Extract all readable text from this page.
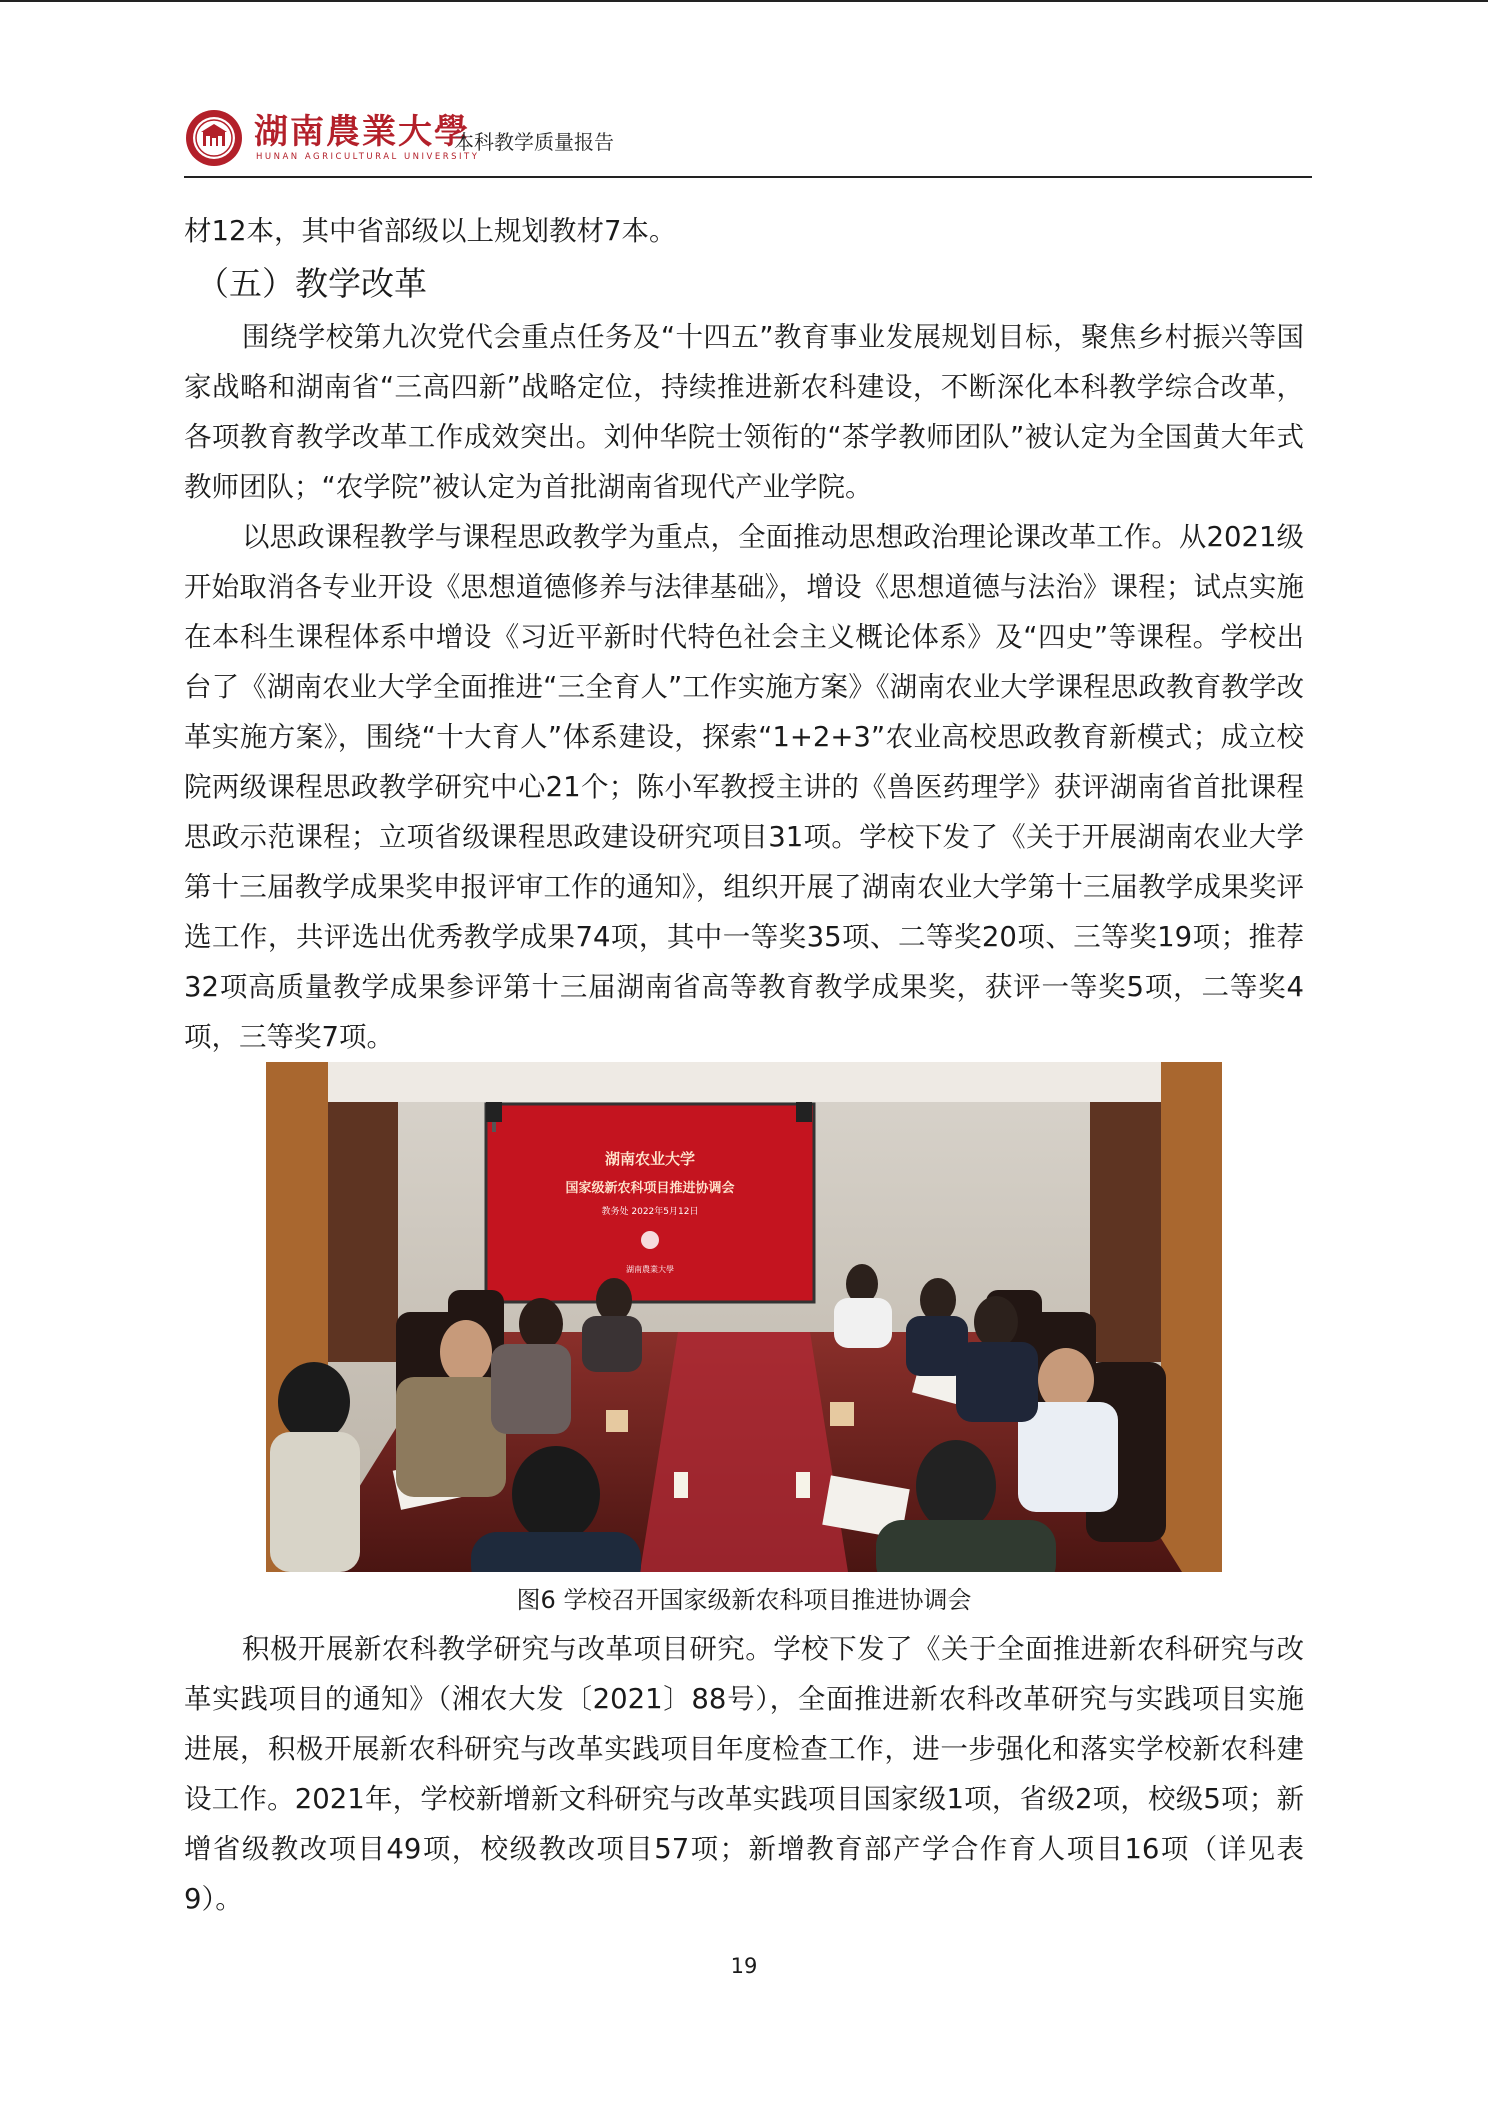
湖南農業大學
HUNAN AGRICULTURAL UNIVERSITY
本科教学质量报告

材12本，其中省部级以上规划教材7本。

（五）教学改革

围绕学校第九次党代会重点任务及“十四五”教育事业发展规划目标，聚焦乡村振兴等国家战略和湖南省“三高四新”战略定位，持续推进新农科建设，不断深化本科教学综合改革，各项教育教学改革工作成效突出。刘仲华院士领衔的“茶学教师团队”被认定为全国黄大年式教师团队；“农学院”被认定为首批湖南省现代产业学院。

以思政课程教学与课程思政教学为重点，全面推动思想政治理论课改革工作。从2021级开始取消各专业开设《思想道德修养与法律基础》，增设《思想道德与法治》课程；试点实施在本科生课程体系中增设《习近平新时代特色社会主义概论体系》及“四史”等课程。学校出台了《湖南农业大学全面推进“三全育人”工作实施方案》《湖南农业大学课程思政教育教学改革实施方案》，围绕“十大育人”体系建设，探索“1+2+3”农业高校思政教育新模式；成立校院两级课程思政教学研究中心21个；陈小军教授主讲的《兽医药理学》获评湖南省首批课程思政示范课程；立项省级课程思政建设研究项目31项。学校下发了《关于开展湖南农业大学第十三届教学成果奖申报评审工作的通知》，组织开展了湖南农业大学第十三届教学成果奖评选工作，共评选出优秀教学成果74项，其中一等奖35项、二等奖20项、三等奖19项；推荐32项高质量教学成果参评第十三届湖南省高等教育教学成果奖，获评一等奖5项，二等奖4项，三等奖7项。

湖南农业大学
国家级新农科项目推进协调会
教务处 2022年5月12日
湖南農業大學

图6 学校召开国家级新农科项目推进协调会

积极开展新农科教学研究与改革项目研究。学校下发了《关于全面推进新农科研究与改革实践项目的通知》（湘农大发〔2021〕88号），全面推进新农科改革研究与实践项目实施进展，积极开展新农科研究与改革实践项目年度检查工作，进一步强化和落实学校新农科建设工作。2021年，学校新增新文科研究与改革实践项目国家级1项，省级2项，校级5项；新增省级教改项目49项，校级教改项目57项；新增教育部产学合作育人项目16项（详见表9）。

19
